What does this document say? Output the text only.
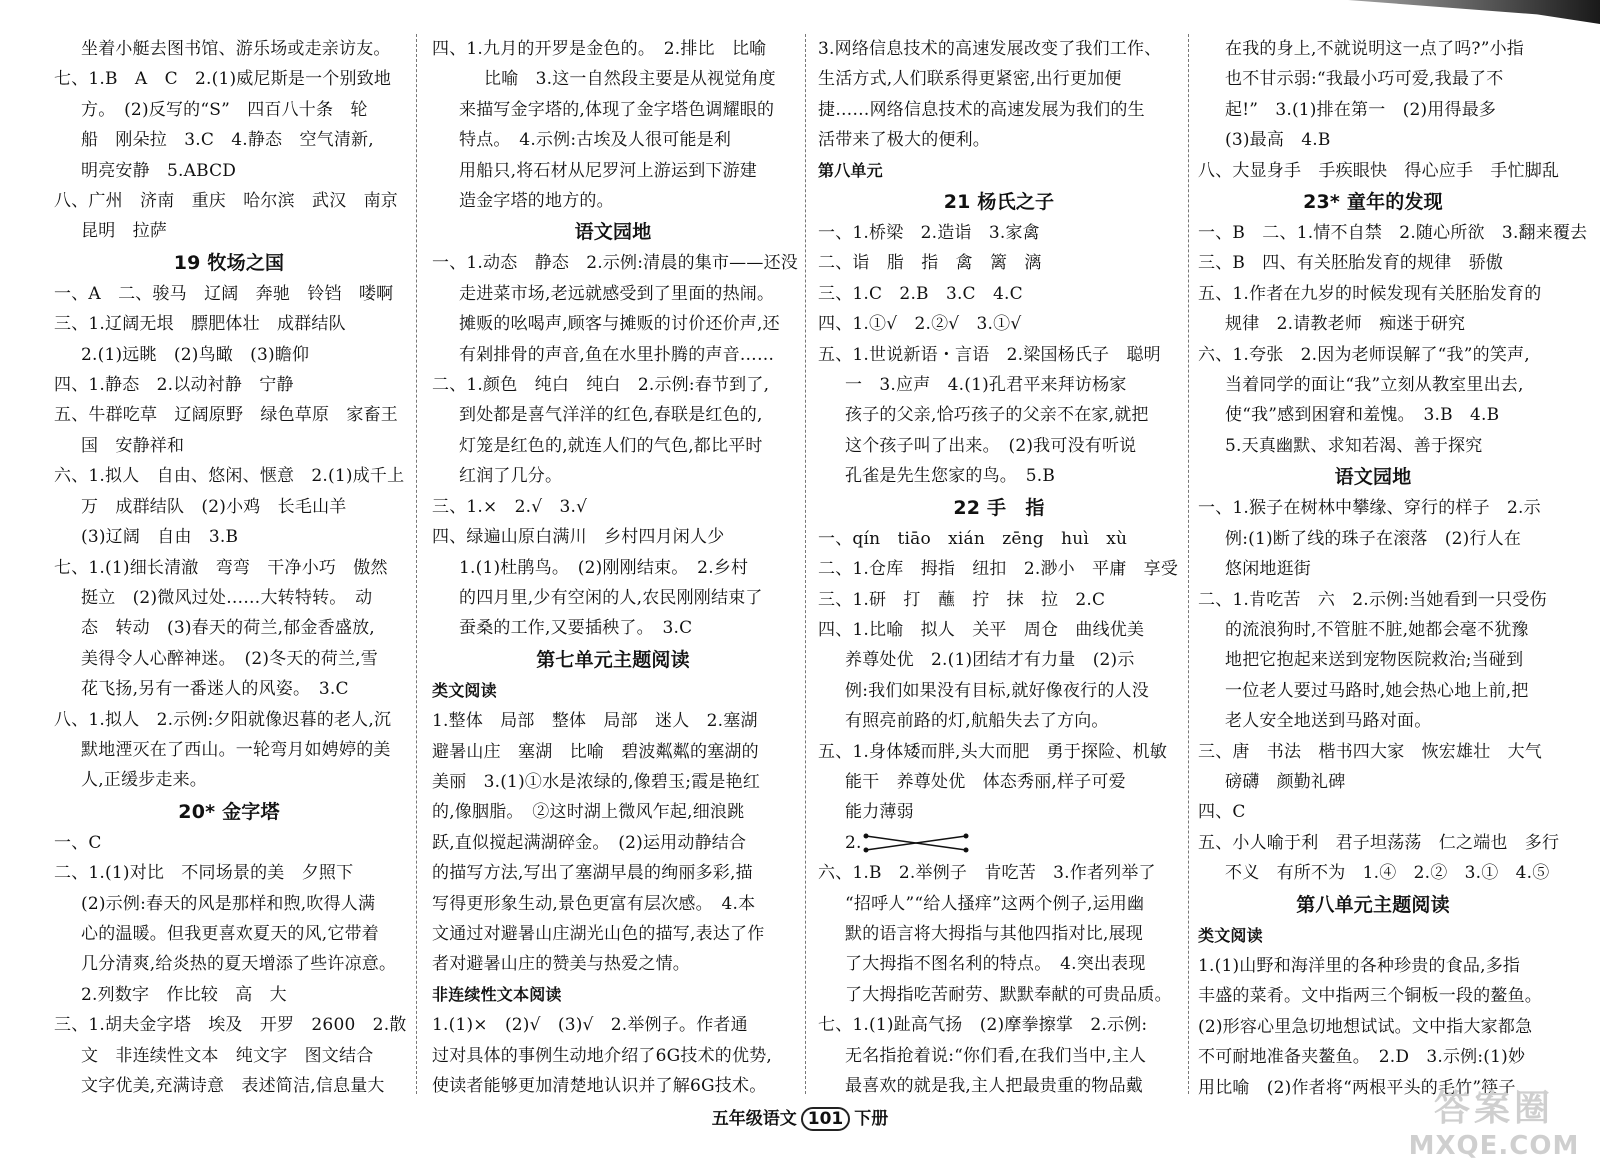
坐着小艇去图书馆、游乐场或走亲访友。
七、1.B　A　C　2.(1)威尼斯是一个别致地
方。　(2)反写的“S”　四百八十条　轮
船　刚朵拉　3.C　4.静态　空气清新,
明亮安静　5.ABCD
八、广州　济南　重庆　哈尔滨　武汉　南京
昆明　拉萨
19 牧场之国
一、A　二、骏马　辽阔　奔驰　铃铛　喽啊
三、1.辽阔无垠　膘肥体壮　成群结队
2.(1)远眺　(2)鸟瞰　(3)瞻仰
四、1.静态　2.以动衬静　宁静
五、牛群吃草　辽阔原野　绿色草原　家畜王
国　安静祥和
六、1.拟人　自由、悠闲、惬意　2.(1)成千上
万　成群结队　(2)小鸡　长毛山羊
(3)辽阔　自由　3.B
七、1.(1)细长清澈　弯弯　干净小巧　傲然
挺立　(2)微风过处……大转特转。　动
态　转动　(3)春天的荷兰,郁金香盛放,
美得令人心醉神迷。　(2)冬天的荷兰,雪
花飞扬,另有一番迷人的风姿。　3.C
八、1.拟人　2.示例:夕阳就像迟暮的老人,沉
默地湮灭在了西山。一轮弯月如娉婷的美
人,正缓步走来。
20* 金字塔
一、C
二、1.(1)对比　不同场景的美　夕照下
(2)示例:春天的风是那样和煦,吹得人满
心的温暖。但我更喜欢夏天的风,它带着
几分清爽,给炎热的夏天增添了些许凉意。
2.列数字　作比较　高　大
三、1.胡夫金字塔　埃及　开罗　2600　2.散
文　非连续性文本　纯文字　图文结合
文字优美,充满诗意　表述简洁,信息量大
四、1.九月的开罗是金色的。　2.排比　比喻
比喻　3.这一自然段主要是从视觉角度
来描写金字塔的,体现了金字塔色调耀眼的
特点。　4.示例:古埃及人很可能是利
用船只,将石材从尼罗河上游运到下游建
造金字塔的地方的。
语文园地
一、1.动态　静态　2.示例:清晨的集市——还没
走进菜市场,老远就感受到了里面的热闹。
摊贩的吆喝声,顾客与摊贩的讨价还价声,还
有剁排骨的声音,鱼在水里扑腾的声音……
二、1.颜色　纯白　纯白　2.示例:春节到了,
到处都是喜气洋洋的红色,春联是红色的,
灯笼是红色的,就连人们的气色,都比平时
红润了几分。
三、1.×　2.√　3.√
四、绿遍山原白满川　乡村四月闲人少
1.(1)杜鹃鸟。　(2)刚刚结束。　2.乡村
的四月里,少有空闲的人,农民刚刚结束了
蚕桑的工作,又要插秧了。　3.C
第七单元主题阅读
类文阅读
1.整体　局部　整体　局部　迷人　2.塞湖
避暑山庄　塞湖　比喻　碧波粼粼的塞湖的
美丽　3.(1)①水是浓绿的,像碧玉;霞是艳红
的,像胭脂。　②这时湖上微风乍起,细浪跳
跃,直似搅起满湖碎金。　(2)运用动静结合
的描写方法,写出了塞湖早晨的绚丽多彩,描
写得更形象生动,景色更富有层次感。　4.本
文通过对避暑山庄湖光山色的描写,表达了作
者对避暑山庄的赞美与热爱之情。
非连续性文本阅读
1.(1)×　(2)√　(3)√　2.举例子。作者通
过对具体的事例生动地介绍了6G技术的优势,
使读者能够更加清楚地认识并了解6G技术。
3.网络信息技术的高速发展改变了我们工作、
生活方式,人们联系得更紧密,出行更加便
捷……网络信息技术的高速发展为我们的生
活带来了极大的便利。
第八单元
21 杨氏之子
一、1.桥梁　2.造诣　3.家禽
二、诣　脂　指　禽　篱　漓
三、1.C　2.B　3.C　4.C
四、1.①√　2.②√　3.①√
五、1.世说新语・言语　2.梁国杨氏子　聪明
一　3.应声　4.(1)孔君平来拜访杨家
孩子的父亲,恰巧孩子的父亲不在家,就把
这个孩子叫了出来。　(2)我可没有听说
孔雀是先生您家的鸟。　5.B
22 手　指
一、qín　tiāo　xián　zēng　huì　xù
二、1.仓库　拇指　纽扣　2.渺小　平庸　享受
三、1.研　打　蘸　拧　抹　拉　2.C
四、1.比喻　拟人　关平　周仓　曲线优美
养尊处优　2.(1)团结才有力量　(2)示
例:我们如果没有目标,就好像夜行的人没
有照亮前路的灯,航船失去了方向。
五、1.身体矮而胖,头大而肥　勇于探险、机敏
能干　养尊处优　体态秀丽,样子可爱
能力薄弱
2.
六、1.B　2.举例子　肯吃苦　3.作者列举了
“招呼人”“给人搔痒”这两个例子,运用幽
默的语言将大拇指与其他四指对比,展现
了大拇指不图名利的特点。　4.突出表现
了大拇指吃苦耐劳、默默奉献的可贵品质。
七、1.(1)趾高气扬　(2)摩拳擦掌　2.示例:
无名指抢着说:“你们看,在我们当中,主人
最喜欢的就是我,主人把最贵重的物品戴
在我的身上,不就说明这一点了吗?”小指
也不甘示弱:“我最小巧可爱,我最了不
起!”　3.(1)排在第一　(2)用得最多
(3)最高　4.B
八、大显身手　手疾眼快　得心应手　手忙脚乱
23* 童年的发现
一、B　二、1.情不自禁　2.随心所欲　3.翻来覆去
三、B　四、有关胚胎发育的规律　骄傲
五、1.作者在九岁的时候发现有关胚胎发育的
规律　2.请教老师　痴迷于研究
六、1.夸张　2.因为老师误解了“我”的笑声,
当着同学的面让“我”立刻从教室里出去,
使“我”感到困窘和羞愧。　3.B　4.B
5.天真幽默、求知若渴、善于探究
语文园地
一、1.猴子在树林中攀缘、穿行的样子　2.示
例:(1)断了线的珠子在滚落　(2)行人在
悠闲地逛街
二、1.肯吃苦　六　2.示例:当她看到一只受伤
的流浪狗时,不管脏不脏,她都会毫不犹豫
地把它抱起来送到宠物医院救治;当碰到
一位老人要过马路时,她会热心地上前,把
老人安全地送到马路对面。
三、唐　书法　楷书四大家　恢宏雄壮　大气
磅礴　颜勤礼碑
四、C
五、小人喻于利　君子坦荡荡　仁之端也　多行
不义　有所不为　1.④　2.②　3.①　4.⑤
第八单元主题阅读
类文阅读
1.(1)山野和海洋里的各种珍贵的食品,多指
丰盛的菜肴。文中指两三个铜板一段的鳌鱼。
(2)形容心里急切地想试试。文中指大家都急
不可耐地准备夹鳌鱼。　2.D　3.示例:(1)妙
用比喻　(2)作者将“两根平头的毛竹”筷子
五年级语文 101 下册	答案圈
MXQE.COM
